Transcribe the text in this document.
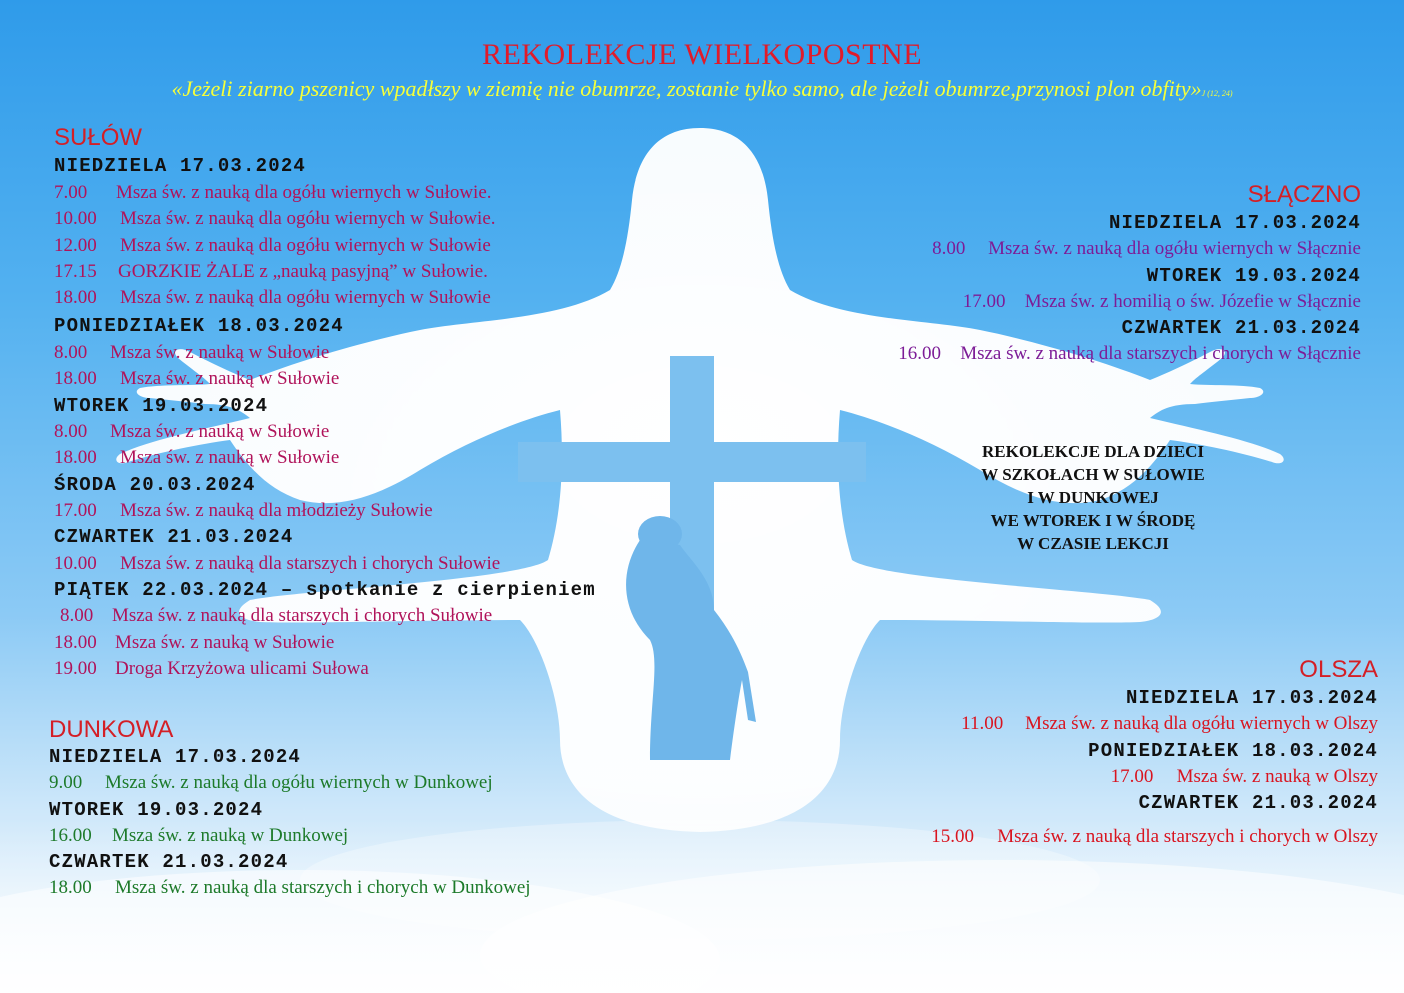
REKOLEKCJE WIELKOPOSTNE
«Jeżeli ziarno pszenicy wpadłszy w ziemię nie obumrze, zostanie tylko samo, ale jeżeli obumrze,przynosi plon obfity»J (12, 24)
SUŁÓW
NIEDZIELA 17.03.2024
7.00 Msza św. z nauką dla ogółu wiernych w Sułowie.
10.00 Msza św. z nauką dla ogółu wiernych w Sułowie.
12.00 Msza św. z nauką dla ogółu wiernych w Sułowie
17.15 GORZKIE ŻALE z „nauką pasyjną” w Sułowie.
18.00 Msza św. z nauką dla ogółu wiernych w Sułowie
PONIEDZIAŁEK 18.03.2024
8.00 Msza św. z nauką w Sułowie
18.00 Msza św. z nauką w Sułowie
WTOREK 19.03.2024
8.00 Msza św. z nauką w Sułowie
18.00 Msza św. z nauką w Sułowie
ŚRODA 20.03.2024
17.00 Msza św. z nauką dla młodzieży Sułowie
CZWARTEK 21.03.2024
10.00 Msza św. z nauką dla starszych i chorych Sułowie
PIĄTEK 22.03.2024 – spotkanie z cierpieniem
8.00 Msza św. z nauką dla starszych i chorych Sułowie
18.00 Msza św. z nauką w Sułowie
19.00 Droga Krzyżowa ulicami Sułowa
SŁĄCZNO
NIEDZIELA 17.03.2024
8.00 Msza św. z nauką dla ogółu wiernych w Słącznie
WTOREK 19.03.2024
17.00 Msza św. z homilią o św. Józefie w Słącznie
CZWARTEK 21.03.2024
16.00 Msza św. z nauką dla starszych i chorych w Słącznie
REKOLEKCJE DLA DZIECI
W SZKOŁACH W SUŁOWIE
I W DUNKOWEJ
WE WTOREK I W ŚRODĘ
W CZASIE LEKCJI
OLSZA
NIEDZIELA 17.03.2024
11.00 Msza św. z nauką dla ogółu wiernych w Olszy
PONIEDZIAŁEK 18.03.2024
17.00 Msza św. z nauką w Olszy
CZWARTEK 21.03.2024
15.00 Msza św. z nauką dla starszych i chorych w Olszy
DUNKOWA
NIEDZIELA 17.03.2024
9.00 Msza św. z nauką dla ogółu wiernych w Dunkowej
WTOREK 19.03.2024
16.00 Msza św. z nauką w Dunkowej
CZWARTEK 21.03.2024
18.00 Msza św. z nauką dla starszych i chorych w Dunkowej
